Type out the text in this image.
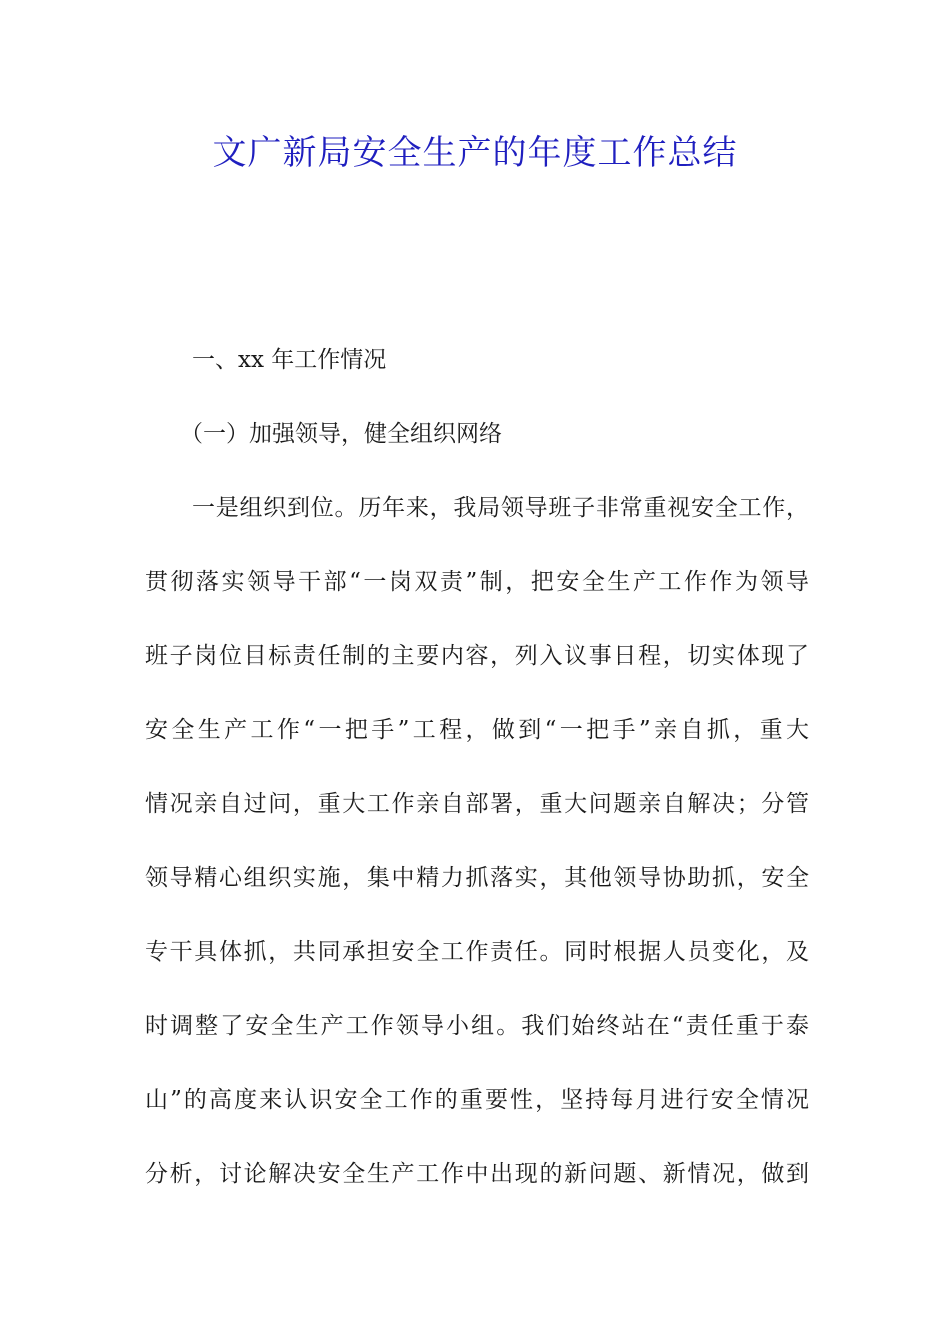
文广新局安全生产的年度工作总结

一、xx 年工作情况

（一）加强领导，健全组织网络

一是组织到位。历年来，我局领导班子非常重视安全工作，
贯彻落实领导干部“一岗双责”制，把安全生产工作作为领导
班子岗位目标责任制的主要内容，列入议事日程，切实体现了
安全生产工作“一把手”工程，做到“一把手”亲自抓，重大
情况亲自过问，重大工作亲自部署，重大问题亲自解决；分管
领导精心组织实施，集中精力抓落实，其他领导协助抓，安全
专干具体抓，共同承担安全工作责任。同时根据人员变化，及
时调整了安全生产工作领导小组。我们始终站在“责任重于泰
山”的高度来认识安全工作的重要性，坚持每月进行安全情况
分析，讨论解决安全生产工作中出现的新问题、新情况，做到
